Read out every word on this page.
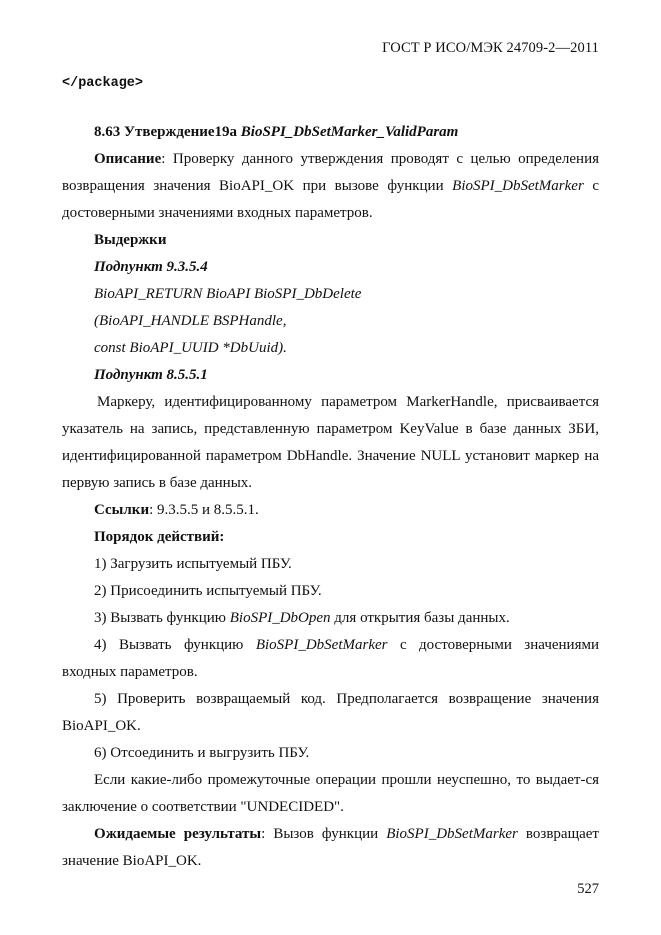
ГОСТ Р ИСО/МЭК 24709-2—2011
</package>

8.63 Утверждение19а BioSPI_DbSetMarker_ValidParam

Описание: Проверку данного утверждения проводят с целью определения возвращения значения BioAPI_OK при вызове функции BioSPI_DbSetMarker с достоверными значениями входных параметров.

Выдержки

Подпункт 9.3.5.4

BioAPI_RETURN BioAPI BioSPI_DbDelete

(BioAPI_HANDLE BSPHandle,

const BioAPI_UUID *DbUuid).

Подпункт 8.5.5.1

Маркеру, идентифицированному параметром MarkerHandle, присваивается указатель на запись, представленную параметром KeyValue в базе данных ЗБИ, идентифицированной параметром DbHandle. Значение NULL установит маркер на первую запись в базе данных.

Ссылки: 9.3.5.5 и 8.5.5.1.

Порядок действий:

1) Загрузить испытуемый ПБУ.

2) Присоединить испытуемый ПБУ.

3) Вызвать функцию BioSPI_DbOpen для открытия базы данных.

4) Вызвать функцию BioSPI_DbSetMarker с достоверными значениями входных параметров.

5) Проверить возвращаемый код. Предполагается возвращение значения BioAPI_OK.

6) Отсоединить и выгрузить ПБУ.

Если какие-либо промежуточные операции прошли неуспешно, то выдает-ся заключение о соответствии "UNDECIDED".

Ожидаемые результаты: Вызов функции BioSPI_DbSetMarker возвращает значение BioAPI_OK.

527
